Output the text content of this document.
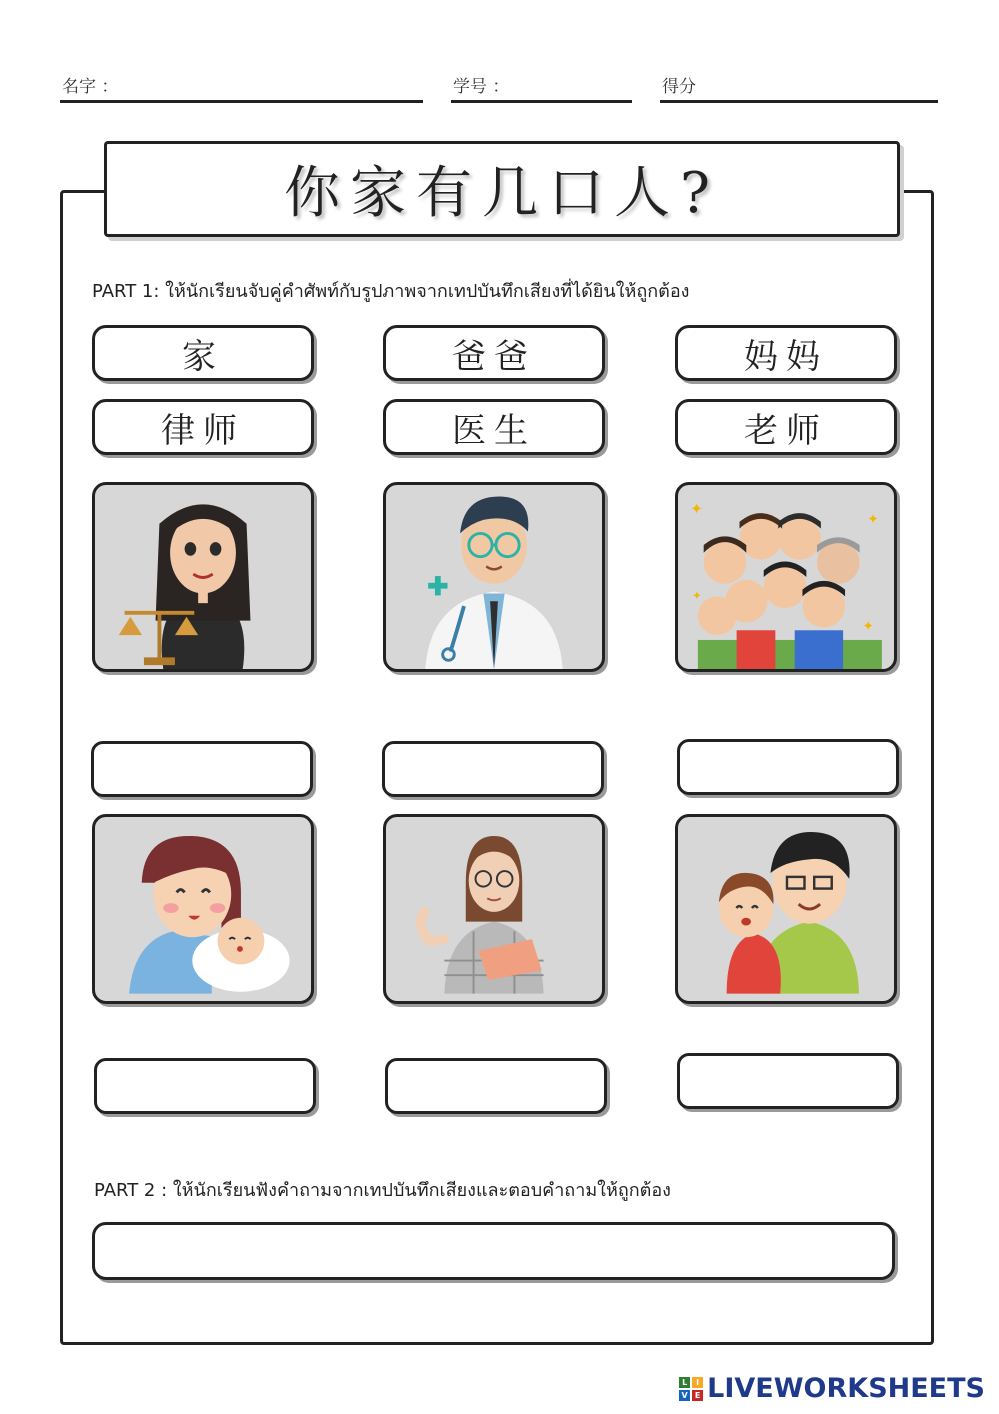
名字 ：	学号 ：	得分
你家有几口人?
PART 1: ให้นักเรียนจับคู่คำศัพท์กับรูปภาพจากเทปบันทึกเสียงที่ได้ยินให้ถูกต้อง
家	爸爸	妈妈
律师	医生	老师
✦
✦
✦
✦
PART 2 : ให้นักเรียนฟังคำถามจากเทปบันทึกเสียงและตอบคำถามให้ถูกต้อง
L	I
V E LIVEWORKSHEETS
